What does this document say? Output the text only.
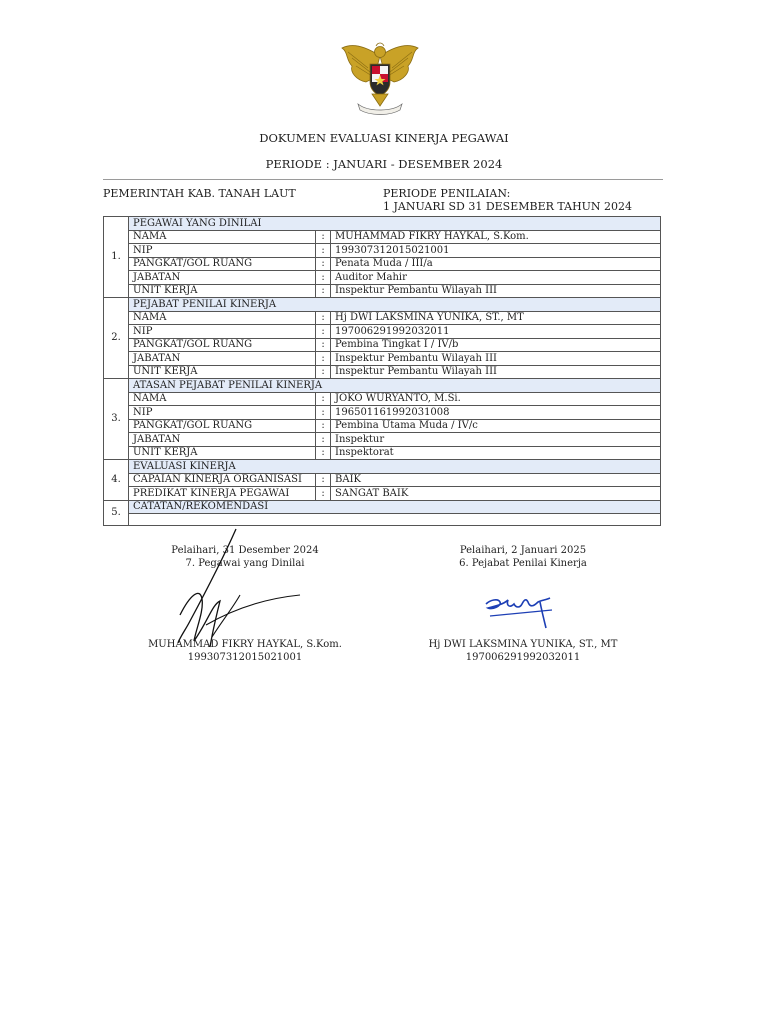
DOKUMEN EVALUASI KINERJA PEGAWAI
PERIODE : JANUARI - DESEMBER 2024
PEMERINTAH KAB. TANAH LAUT	PERIODE PENILAIAN:
1 JANUARI SD 31 DESEMBER TAHUN 2024
1.	PEGAWAI YANG DINILAI		
	NAMA	:	MUHAMMAD FIKRY HAYKAL, S.Kom.
	NIP	:	199307312015021001
	PANGKAT/GOL RUANG	:	Penata Muda / III/a
	JABATAN	:	Auditor Mahir
	UNIT KERJA	:	Inspektur Pembantu Wilayah III
2.	PEJABAT PENILAI KINERJA		
	NAMA	:	Hj DWI LAKSMINA YUNIKA, ST., MT
	NIP	:	197006291992032011
	PANGKAT/GOL RUANG	:	Pembina Tingkat I / IV/b
	JABATAN	:	Inspektur Pembantu Wilayah III
	UNIT KERJA	:	Inspektur Pembantu Wilayah III
3.	ATASAN PEJABAT PENILAI KINERJA		
	NAMA	:	JOKO WURYANTO, M.Si.
	NIP	:	196501161992031008
	PANGKAT/GOL RUANG	:	Pembina Utama Muda / IV/c
	JABATAN	:	Inspektur
	UNIT KERJA	:	Inspektorat
4.	EVALUASI KINERJA		
	CAPAIAN KINERJA ORGANISASI	:	BAIK
	PREDIKAT KINERJA PEGAWAI	:	SANGAT BAIK
5.	CATATAN/REKOMENDASI		

Pelaihari, 31 Desember 2024
7. Pegawai yang Dinilai
Pelaihari, 2 Januari 2025
6. Pejabat Penilai Kinerja
MUHAMMAD FIKRY HAYKAL, S.Kom.
199307312015021001
Hj DWI LAKSMINA YUNIKA, ST., MT
197006291992032011
